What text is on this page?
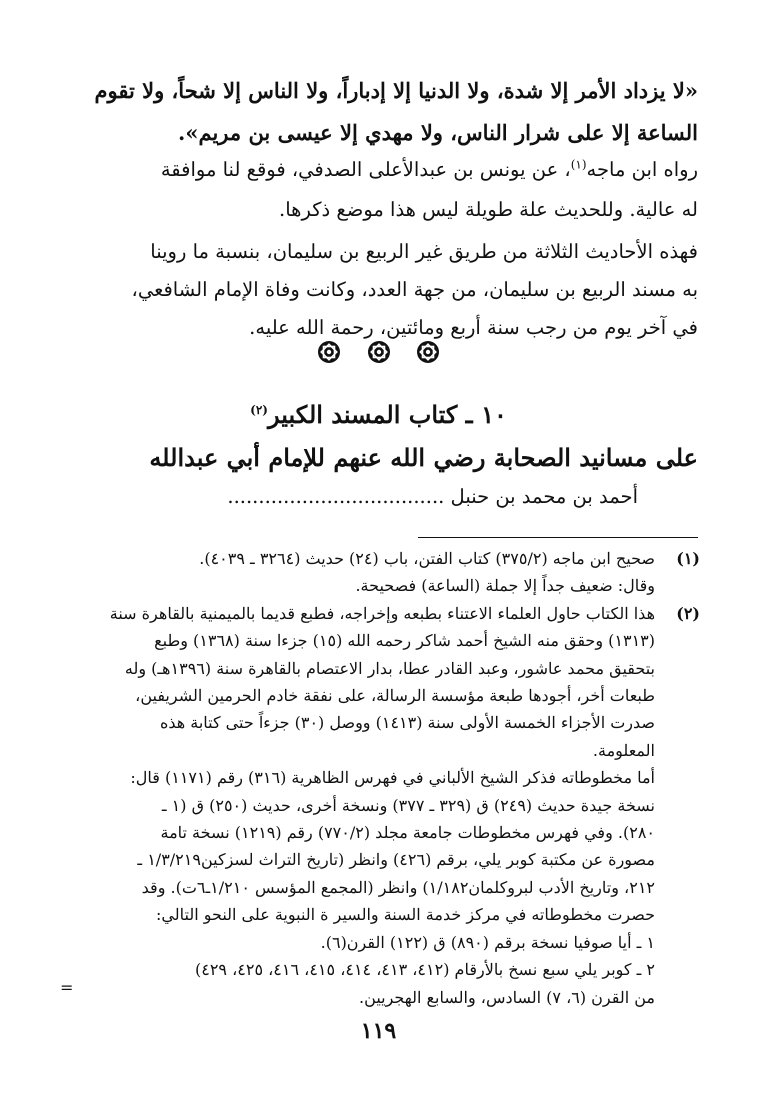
«لا يزداد الأمر إلا شدة، ولا الدنيا إلا إدباراً، ولا الناس إلا شحاً، ولا تقوم
الساعة إلا على شرار الناس، ولا مهدي إلا عيسى بن مريم».
رواه ابن ماجه$^{(١)}$، عن يونس بن عبدالأعلى الصدفي، فوقع لنا موافقة
له عالية. وللحديث علة طويلة ليس هذا موضع ذكرها.
فهذه الأحاديث الثلاثة من طريق غير الربيع بن سليمان، بنسبة ما روينا
به مسند الربيع بن سليمان، من جهة العدد، وكانت وفاة الإمام الشافعي،
في آخر يوم من رجب سنة أربع ومائتين، رحمة الله عليه.

١٠ ـ كتاب المسند الكبير$^{(٢)}$
على مسانيد الصحابة رضي الله عنهم للإمام أبي عبدالله
أحمد بن محمد بن حنبل ...................................
(١)
صحيح ابن ماجه (٣٧٥/٢) كتاب الفتن، باب (٢٤) حديث (٣٢٦٤ ـ ٤٠٣٩).
وقال: ضعيف جداً إلا جملة (الساعة) فصحيحة.
(٢)
هذا الكتاب حاول العلماء الاعتناء بطبعه وإخراجه، فطبع قديما بالميمنية بالقاهرة سنة
(١٣١٣) وحقق منه الشيخ أحمد شاكر رحمه الله (١٥) جزءا سنة (١٣٦٨) وطبع
بتحقيق محمد عاشور، وعبد القادر عطا، بدار الاعتصام بالقاهرة سنة (١٣٩٦هـ) وله
طبعات أخر، أجودها طبعة مؤسسة الرسالة، على نفقة خادم الحرمين الشريفين،
صدرت الأجزاء الخمسة الأولى سنة (١٤١٣) ووصل (٣٠) جزءاً حتى كتابة هذه
المعلومة.
أما مخطوطاته فذكر الشيخ الألباني في فهرس الظاهرية (٣١٦) رقم (١١٧١) قال:
نسخة جيدة حديث (٢٤٩) ق (٣٢٩ ـ ٣٧٧) ونسخة أخرى، حديث (٢٥٠) ق (١ ـ
٢٨٠). وفي فهرس مخطوطات جامعة مجلد (٧٧٠/٢) رقم (١٢١٩) نسخة تامة
مصورة عن مكتبة كوبر يلي، برقم (٤٢٦) وانظر (تاريخ التراث لسزكين١/٣/٢١٩ ـ
٢١٢، وتاريخ الأدب لبروكلمان١/١٨٢) وانظر (المجمع المؤسس ١/٢١٠ـ٦ت). وقد
حصرت مخطوطاته في مركز خدمة السنة والسير ة النبوية على النحو التالي:
١ ـ أيا صوفيا نسخة برقم (٨٩٠) ق (١٢٢) القرن(٦).
٢ ـ كوبر يلي سبع نسخ بالأرقام (٤١٢، ٤١٣، ٤١٤، ٤١٥، ٤١٦، ٤٢٥، ٤٢٩)
من القرن (٦، ٧) السادس، والسابع الهجريين.
=
١١٩
